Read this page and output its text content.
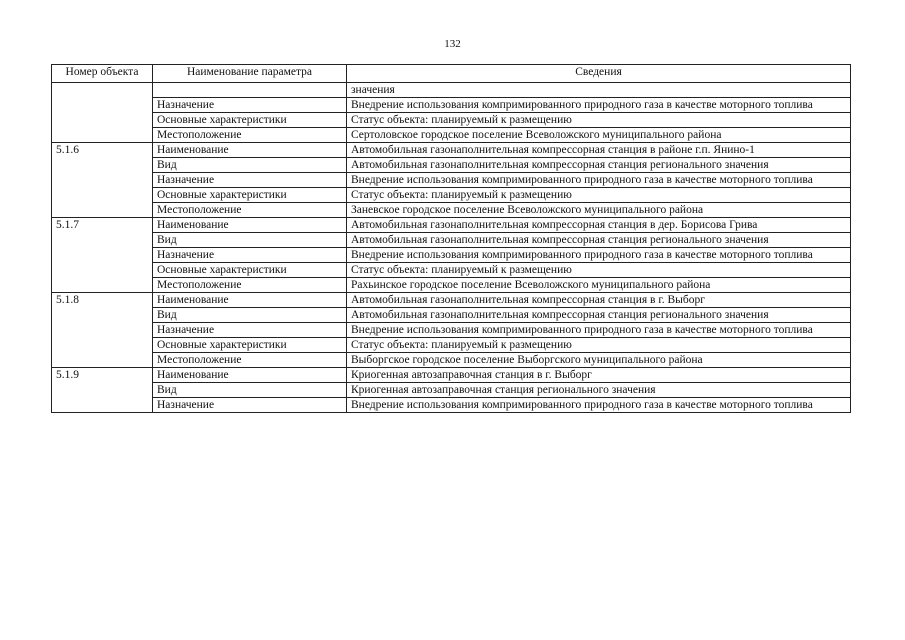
132
Номер объекта	Наименование параметра	Сведения
		значения
	Назначение	Внедрение использования компримированного природного газа в качестве моторного топлива
	Основные характеристики	Статус объекта: планируемый к размещению
	Местоположение	Сертоловское городское поселение Всеволожского муниципального района
5.1.6	Наименование	Автомобильная газонаполнительная компрессорная станция в районе г.п. Янино-1
	Вид	Автомобильная газонаполнительная компрессорная станция регионального значения
	Назначение	Внедрение использования компримированного природного газа в качестве моторного топлива
	Основные характеристики	Статус объекта: планируемый к размещению
	Местоположение	Заневское городское поселение Всеволожского муниципального района
5.1.7	Наименование	Автомобильная газонаполнительная компрессорная станция в дер. Борисова Грива
	Вид	Автомобильная газонаполнительная компрессорная станция регионального значения
	Назначение	Внедрение использования компримированного природного газа в качестве моторного топлива
	Основные характеристики	Статус объекта: планируемый к размещению
	Местоположение	Рахьинское городское поселение Всеволожского муниципального района
5.1.8	Наименование	Автомобильная газонаполнительная компрессорная станция в г. Выборг
	Вид	Автомобильная газонаполнительная компрессорная станция регионального значения
	Назначение	Внедрение использования компримированного природного газа в качестве моторного топлива
	Основные характеристики	Статус объекта: планируемый к размещению
	Местоположение	Выборгское городское поселение Выборгского муниципального района
5.1.9	Наименование	Криогенная автозаправочная станция в г. Выборг
	Вид	Криогенная автозаправочная станция регионального значения
	Назначение	Внедрение использования компримированного природного газа в качестве моторного топлива
